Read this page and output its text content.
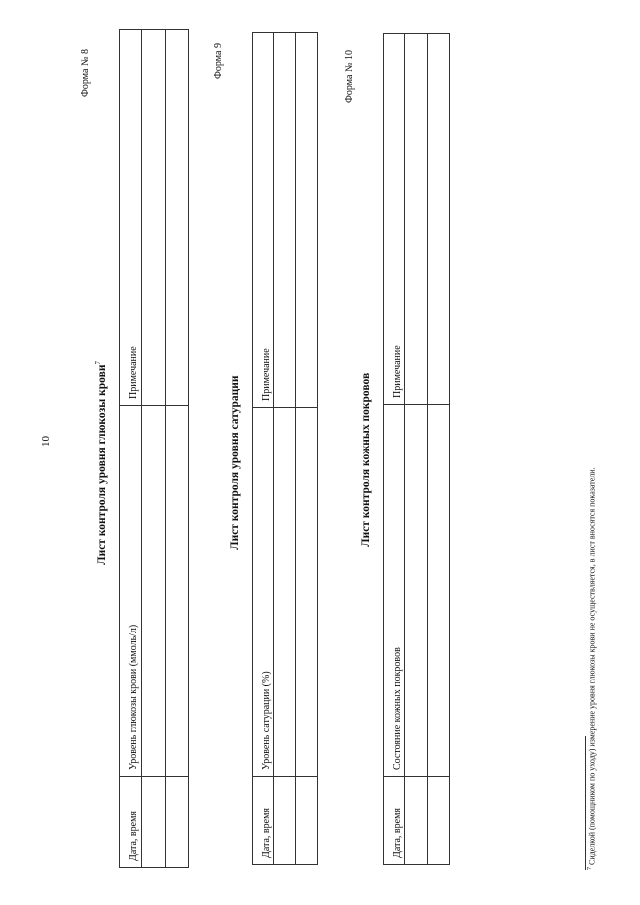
10
Форма № 8
Лист контроля уровня глюкозы крови$^7$
Дата, время	Уровень глюкозы крови (ммоль/л)	Примечание

Форма 9
Лист контроля уровня сатурации
Дата, время	Уровень сатурации (%)	Примечание

Форма № 10
Лист контроля кожных покровов
Дата, время	Состояние кожных покровов	Примечание

$^7$ Сиделкой (помощником по уходу) измерение уровня глюкозы крови не осуществляется, в лист вносятся показатели.
